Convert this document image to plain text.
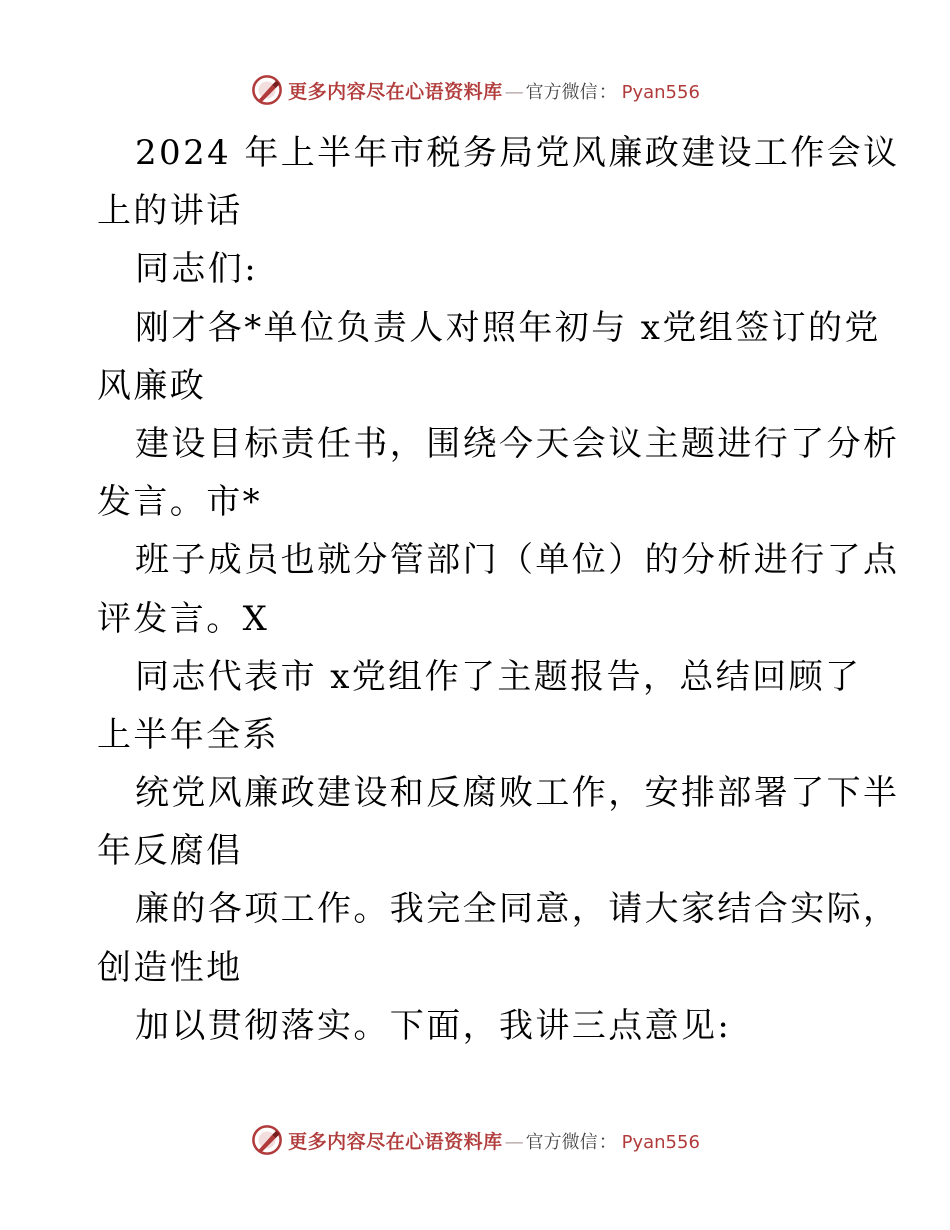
更多内容尽在心语资料库 — 官方微信 ： Pyan556
2024 年上半年市税务局党风廉政建设工作会议
上的讲话
同志们:
刚才各*单位负责人对照年初与 x党组签订的党
风廉政
建设目标责任书，围绕今天会议主题进行了分析
发言。市*
班子成员也就分管部门（单位）的分析进行了点
评发言。X
同志代表市 x党组作了主题报告，总结回顾了
上半年全系
统党风廉政建设和反腐败工作，安排部署了下半
年反腐倡
廉的各项工作。我完全同意，请大家结合实际，
创造性地
加以贯彻落实。下面，我讲三点意见:
更多内容尽在心语资料库 — 官方微信 ： Pyan556
